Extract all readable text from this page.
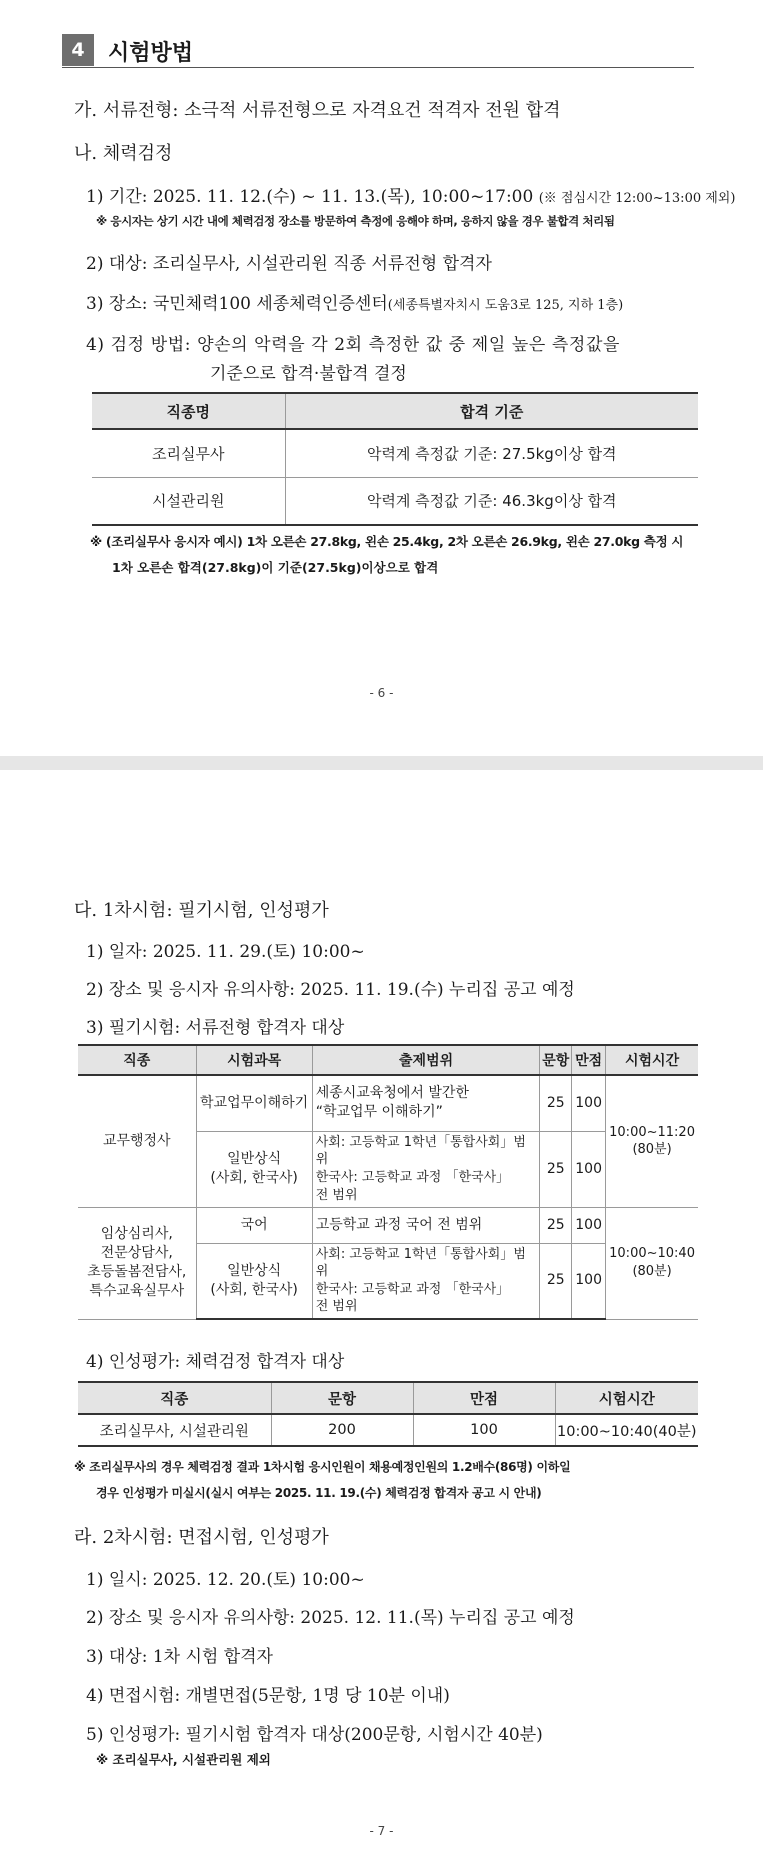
4	시험방법
가. 서류전형: 소극적 서류전형으로 자격요건 적격자 전원 합격
나. 체력검정
1) 기간: 2025. 11. 12.(수) ~ 11. 13.(목), 10:00~17:00 (※ 점심시간 12:00~13:00 제외)
※ 응시자는 상기 시간 내에 체력검정 장소를 방문하여 측정에 응해야 하며, 응하지 않을 경우 불합격 처리됨
2) 대상: 조리실무사, 시설관리원 직종 서류전형 합격자
3) 장소: 국민체력100 세종체력인증센터(세종특별자치시 도움3로 125, 지하 1층)
4) 검정 방법: 양손의 악력을 각 2회 측정한 값 중 제일 높은 측정값을
기준으로 합격·불합격 결정
직종명	합격 기준
조리실무사	악력계 측정값 기준: 27.5kg이상 합격
시설관리원	악력계 측정값 기준: 46.3kg이상 합격
※ (조리실무사 응시자 예시) 1차 오른손 27.8kg, 왼손 25.4kg, 2차 오른손 26.9kg, 왼손 27.0kg 측정 시
1차 오른손 합격(27.8kg)이 기준(27.5kg)이상으로 합격
- 6 -
다. 1차시험: 필기시험, 인성평가
1) 일자: 2025. 11. 29.(토) 10:00~
2) 장소 및 응시자 유의사항: 2025. 11. 19.(수) 누리집 공고 예정
3) 필기시험: 서류전형 합격자 대상
직종	시험과목	출제범위	문항	만점	시험시간
교무행정사	학교업무이해하기	세종시교육청에서 발간한
“학교업무 이해하기”	25	100	10:00~11:20
(80분)
	일반상식
(사회, 한국사)	사회: 고등학교 1학년「통합사회」범위
한국사: 고등학교 과정 「한국사」
전 범위	25	100	
임상심리사,
전문상담사,
초등돌봄전담사,
특수교육실무사	국어	고등학교 과정 국어 전 범위	25	100	10:00~10:40
(80분)
	일반상식
(사회, 한국사)	사회: 고등학교 1학년「통합사회」범위
한국사: 고등학교 과정 「한국사」
전 범위	25	100	
4) 인성평가: 체력검정 합격자 대상
직종	문항	만점	시험시간
조리실무사, 시설관리원	200	100	10:00~10:40(40분)
※ 조리실무사의 경우 체력검정 결과 1차시험 응시인원이 채용예정인원의 1.2배수(86명) 이하일
경우 인성평가 미실시(실시 여부는 2025. 11. 19.(수) 체력검정 합격자 공고 시 안내)
라. 2차시험: 면접시험, 인성평가
1) 일시: 2025. 12. 20.(토) 10:00~
2) 장소 및 응시자 유의사항: 2025. 12. 11.(목) 누리집 공고 예정
3) 대상: 1차 시험 합격자
4) 면접시험: 개별면접(5문항, 1명 당 10분 이내)
5) 인성평가: 필기시험 합격자 대상(200문항, 시험시간 40분)
※ 조리실무사, 시설관리원 제외
- 7 -
